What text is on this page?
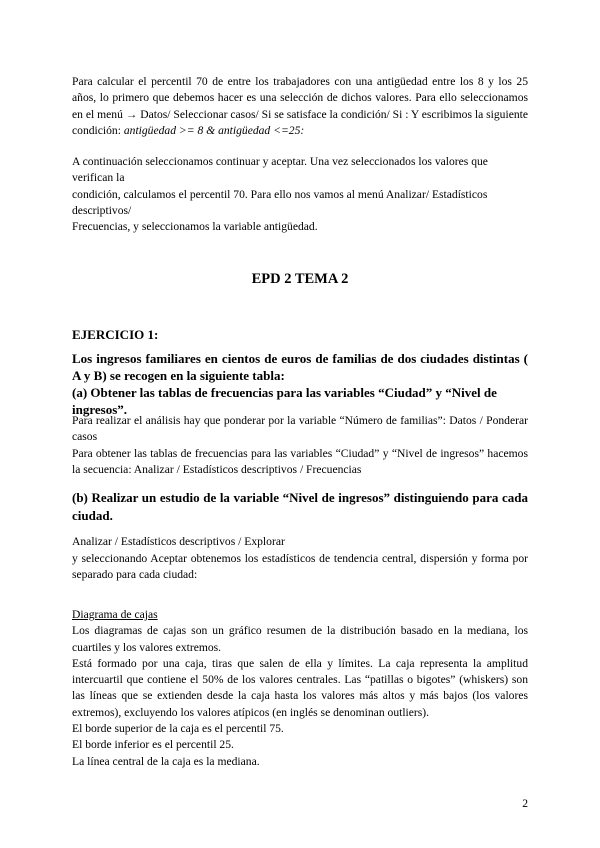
Para calcular el percentil 70 de entre los trabajadores con una antigüedad entre los 8 y los 25 años, lo primero que debemos hacer es una selección de dichos valores. Para ello seleccionamos en el menú → Datos/ Seleccionar casos/ Si se satisface la condición/ Si : Y escribimos la siguiente condición: antigüedad >= 8 & antigüedad <=25:

A continuación seleccionamos continuar y aceptar. Una vez seleccionados los valores que verifican la

condición, calculamos el percentil 70. Para ello nos vamos al menú Analizar/ Estadísticos descriptivos/

Frecuencias, y seleccionamos la variable antigüedad.

EPD 2 TEMA 2

EJERCICIO 1:

Los ingresos familiares en cientos de euros de familias de dos ciudades distintas ( A y B) se recogen en la siguiente tabla:

(a) Obtener las tablas de frecuencias para las variables “Ciudad” y “Nivel de ingresos”.

Para realizar el análisis hay que ponderar por la variable “Número de familias”: Datos / Ponderar casos

Para obtener las tablas de frecuencias para las variables “Ciudad” y “Nivel de ingresos” hacemos la secuencia: Analizar / Estadísticos descriptivos / Frecuencias

(b) Realizar un estudio de la variable “Nivel de ingresos” distinguiendo para cada ciudad.

Analizar / Estadísticos descriptivos / Explorar

y seleccionando Aceptar obtenemos los estadísticos de tendencia central, dispersión y forma por separado para cada ciudad:

Diagrama de cajas

Los diagramas de cajas son un gráfico resumen de la distribución basado en la mediana, los cuartiles y los valores extremos.

Está formado por una caja, tiras que salen de ella y límites. La caja representa la amplitud intercuartil que contiene el 50% de los valores centrales. Las “patillas o bigotes” (whiskers) son las líneas que se extienden desde la caja hasta los valores más altos y más bajos (los valores extremos), excluyendo los valores atípicos (en inglés se denominan outliers).

El borde superior de la caja es el percentil 75.

El borde inferior es el percentil 25.

La línea central de la caja es la mediana.

2
